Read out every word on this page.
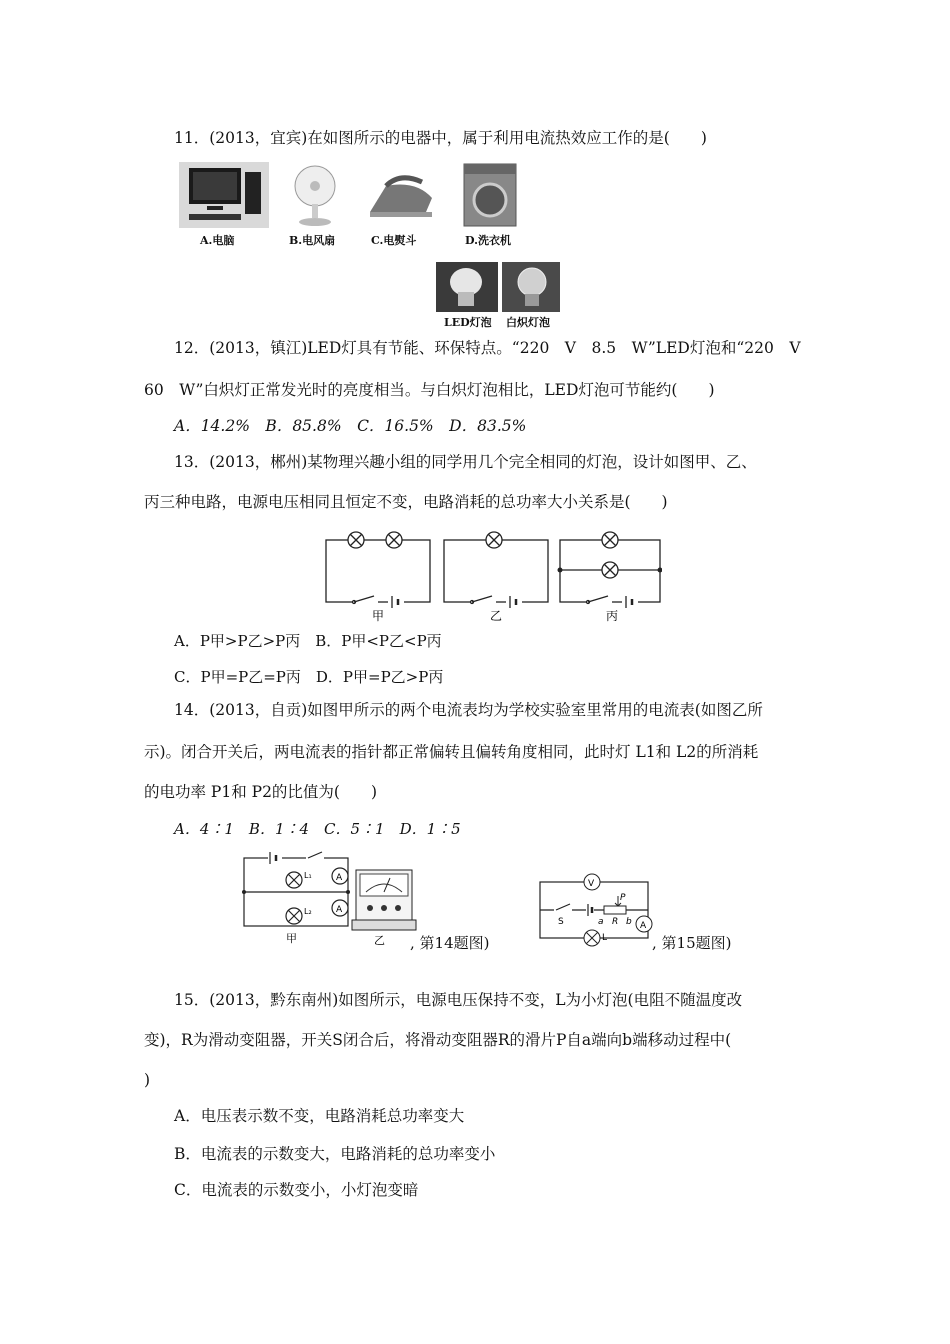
11．(2013，宜宾)在如图所示的电器中，属于利用电流热效应工作的是(　　)
A.电脑	B.电风扇	C.电熨斗	D.洗衣机
LED灯泡 白炽灯泡
12．(2013，镇江)LED灯具有节能、环保特点。“220　V　8.5　W”LED灯泡和“220　V
60　W”白炽灯正常发光时的亮度相当。与白炽灯泡相比，LED灯泡可节能约(　　)
A．14.2%　B．85.8%　C．16.5%　D．83.5%
13．(2013，郴州)某物理兴趣小组的同学用几个完全相同的灯泡，设计如图甲、乙、
丙三种电路，电源电压相同且恒定不变，电路消耗的总功率大小关系是(　　)
甲	乙	丙
A．P甲>P乙>P丙　B．P甲<P乙<P丙
C．P甲=P乙=P丙　D．P甲=P乙>P丙
14．(2013，自贡)如图甲所示的两个电流表均为学校实验室里常用的电流表(如图乙所
示)。闭合开关后，两电流表的指针都正常偏转且偏转角度相同，此时灯 L1和 L2的所消耗
的电功率 P1和 P2的比值为(　　)
A．4∶1　B．1∶4　C．5∶1　D．1∶5
A
A
L₁
L₂
甲	乙 , 第14题图)
V
A
S	a R b
P
L	, 第15题图)
15．(2013，黔东南州)如图所示，电源电压保持不变，L为小灯泡(电阻不随温度改
变)，R为滑动变阻器，开关S闭合后，将滑动变阻器R的滑片P自a端向b端移动过程中(
)
A．电压表示数不变，电路消耗总功率变大
B．电流表的示数变大，电路消耗的总功率变小
C．电流表的示数变小，小灯泡变暗
